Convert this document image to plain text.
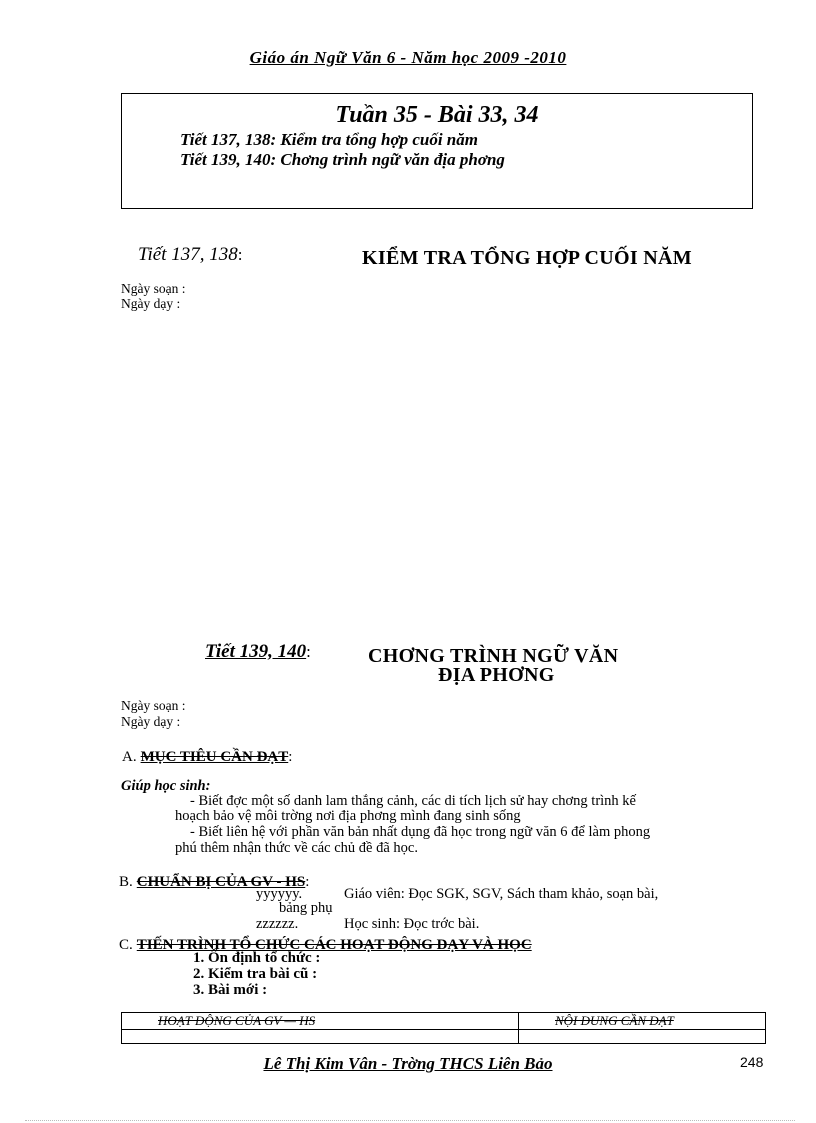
Giáo án Ngữ Văn 6 - Năm học 2009 -2010
Tuần 35 - Bài 33, 34
Tiết 137, 138: Kiểm tra tổng hợp cuối năm
Tiết 139, 140: Chơng trình ngữ văn địa phơng
Tiết 137, 138:	KIỂM TRA TỔNG HỢP CUỐI NĂM
Ngày soạn :
Ngày dạy :
Tiết 139, 140:	CHƠNG TRÌNH NGỮ VĂN
ĐỊA PHƠNG
Ngày soạn :
Ngày dạy :
A. MỤC TIÊU CẦN ĐẠT:
Giúp học sinh:
- Biết đợc một số danh lam thắng cảnh, các di tích lịch sử hay chơng trình kế
hoạch bảo vệ môi trờng nơi địa phơng mình đang sinh sống
- Biết liên hệ với phần văn bản nhất dụng đã học trong ngữ văn 6 để làm phong
phú thêm nhận thức về các chủ đề đã học.
B. CHUẨN BỊ CỦA GV - HS:
yyyyyy.	Giáo viên: Đọc SGK, SGV, Sách tham khảo, soạn bài,
bảng phụ
zzzzzz.	Học sinh: Đọc trớc bài.
C. TIẾN TRÌNH TỔ CHỨC CÁC HOẠT ĐỘNG DẠY VÀ HỌC
1. Ổn định tổ chức :
2. Kiểm tra bài cũ :
3. Bài mới :
HOẠT ĐỘNG CỦA GV — HS	NỘI DUNG CẦN ĐẠT

Lê Thị Kim Vân - Trờng THCS Liên Bảo	248
